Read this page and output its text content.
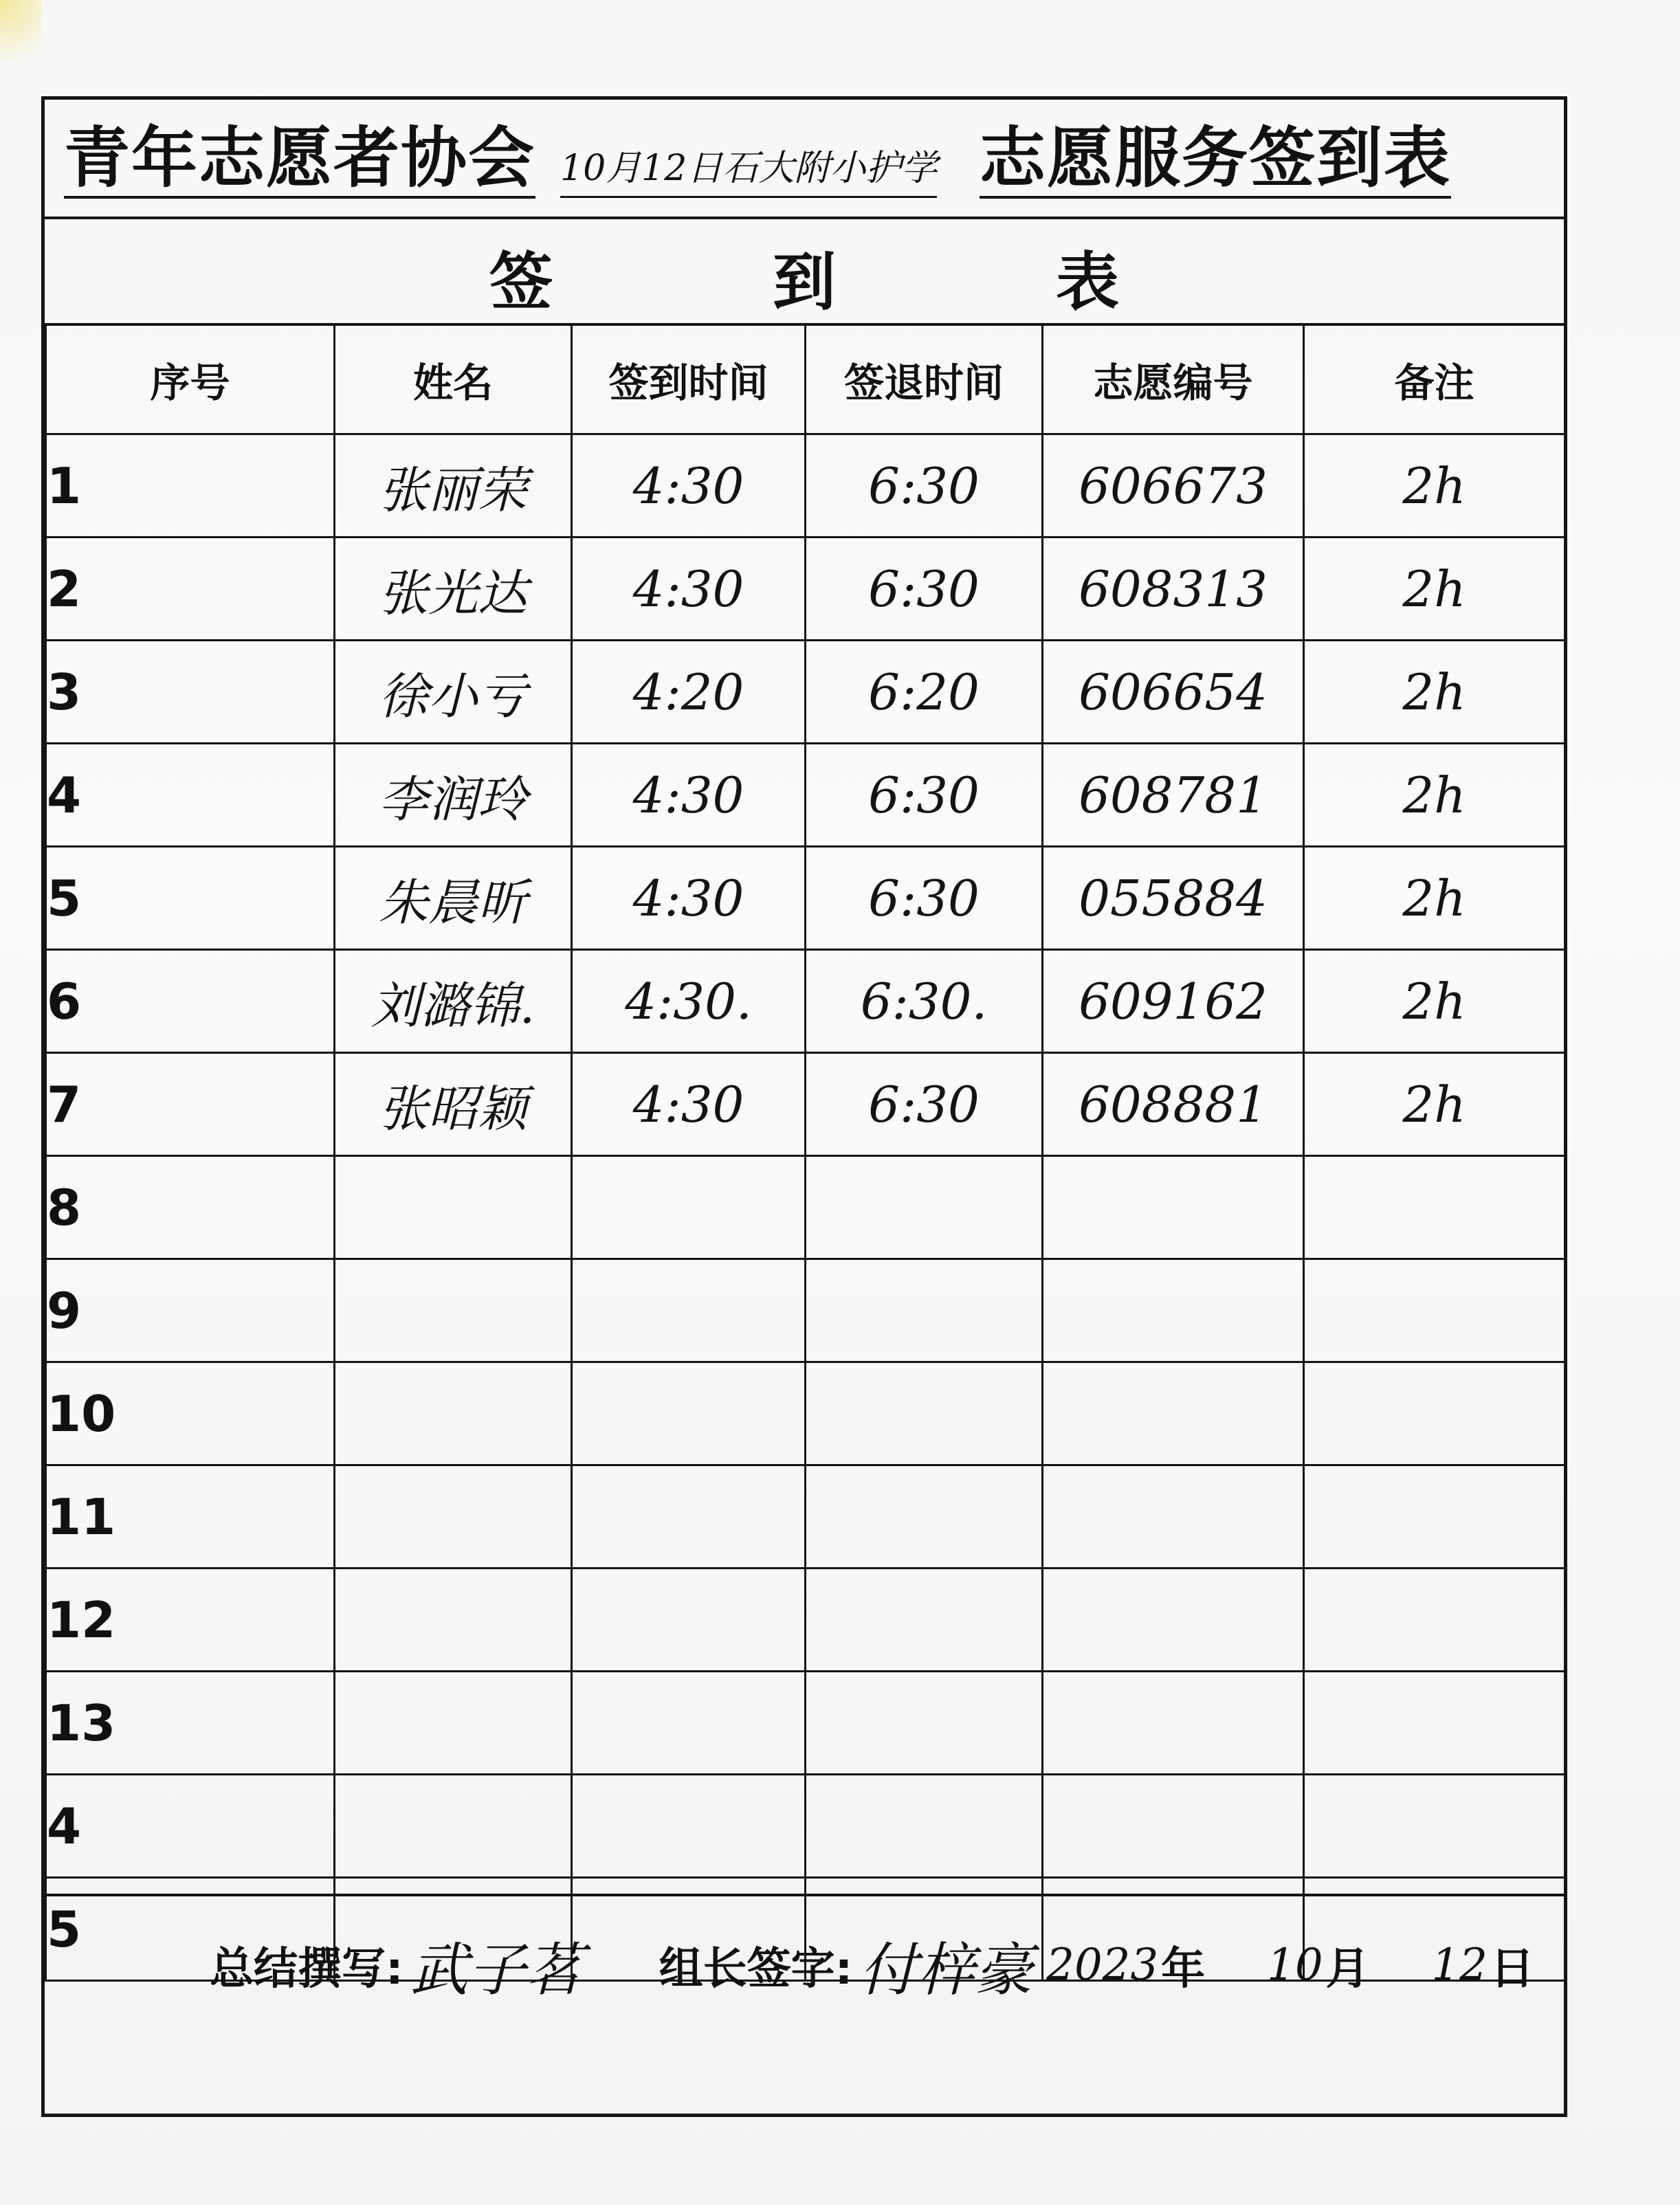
青年志愿者协会 10月12日石大附小护学 志愿服务签到表
签	到	表
序号	姓名	签到时间	签退时间	志愿编号	备注
1	张丽荣	4:30	6:30	606673	2h
2	张光达	4:30	6:30	608313	2h
3	徐小亏	4:20	6:20	606654	2h
4	李润玲	4:30	6:30	608781	2h
5	朱晨昕	4:30	6:30	055884	2h
6	刘潞锦.	4:30.	6:30.	609162	2h
7	张昭颖	4:30	6:30	608881	2h
8					
9					
10					
11					
12					
13					
4					
5					
总结撰写: 武子茗 组长签字: 付梓豪 2023 年 10 月 12 日
